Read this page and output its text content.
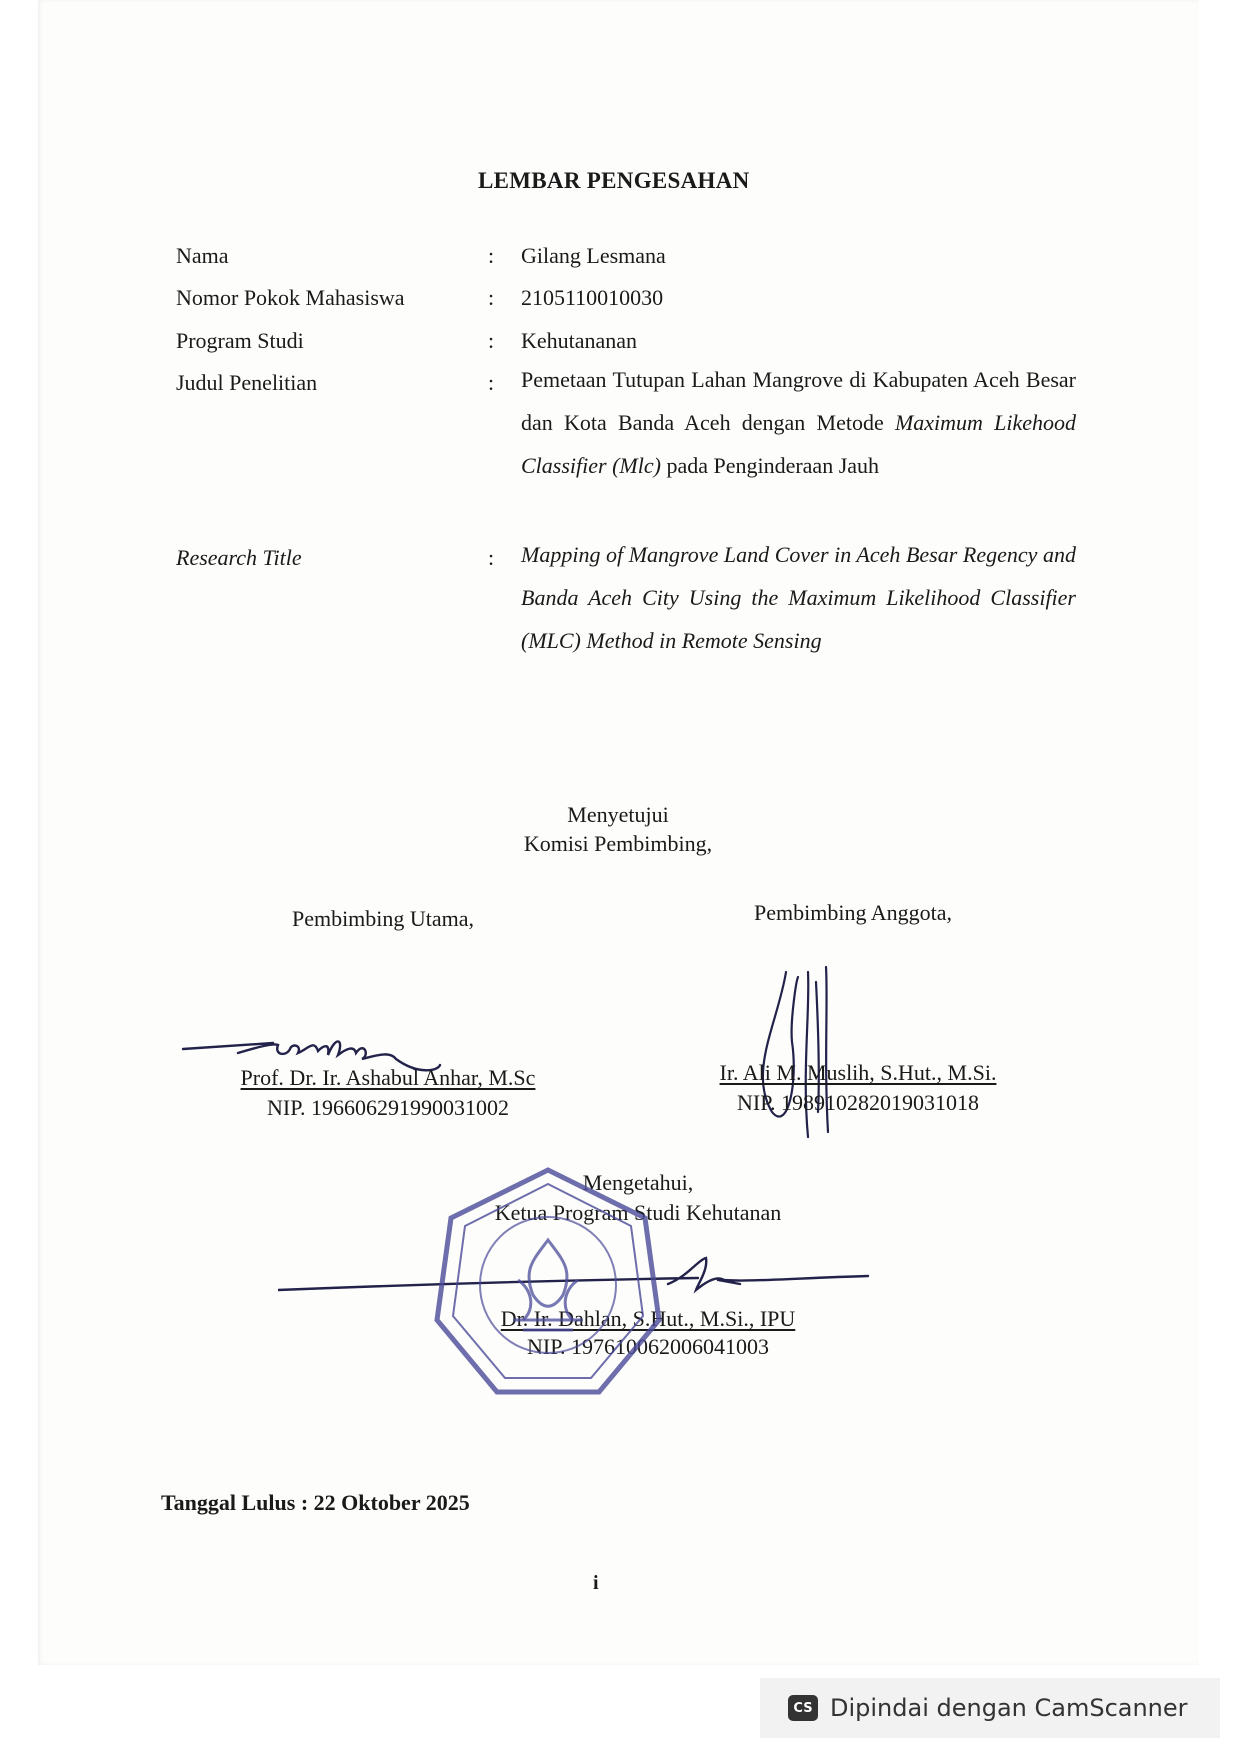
LEMBAR PENGESAHAN
Nama	: Gilang Lesmana
Nomor Pokok Mahasiswa	: 2105110010030
Program Studi	: Kehutananan
Judul Penelitian	: Pemetaan Tutupan Lahan Mangrove di Kabupaten Aceh Besar dan Kota Banda Aceh dengan Metode Maximum Likehood Classifier (Mlc) pada Penginderaan Jauh
Research Title	: Mapping of Mangrove Land Cover in Aceh Besar Regency and Banda Aceh City Using the Maximum Likelihood Classifier (MLC) Method in Remote Sensing
Menyetujui
Komisi Pembimbing,
Pembimbing Utama,	Pembimbing Anggota,
Prof. Dr. Ir. Ashabul Anhar, M.Sc
NIP. 196606291990031002
Ir. Ali M. Muslih, S.Hut., M.Si.
NIP. 198910282019031018
Mengetahui,
Ketua Program Studi Kehutanan
Dr. Ir. Dahlan, S.Hut., M.Si., IPU
NIP. 197610062006041003
Tanggal Lulus : 22 Oktober 2025
i
CS Dipindai dengan CamScanner
